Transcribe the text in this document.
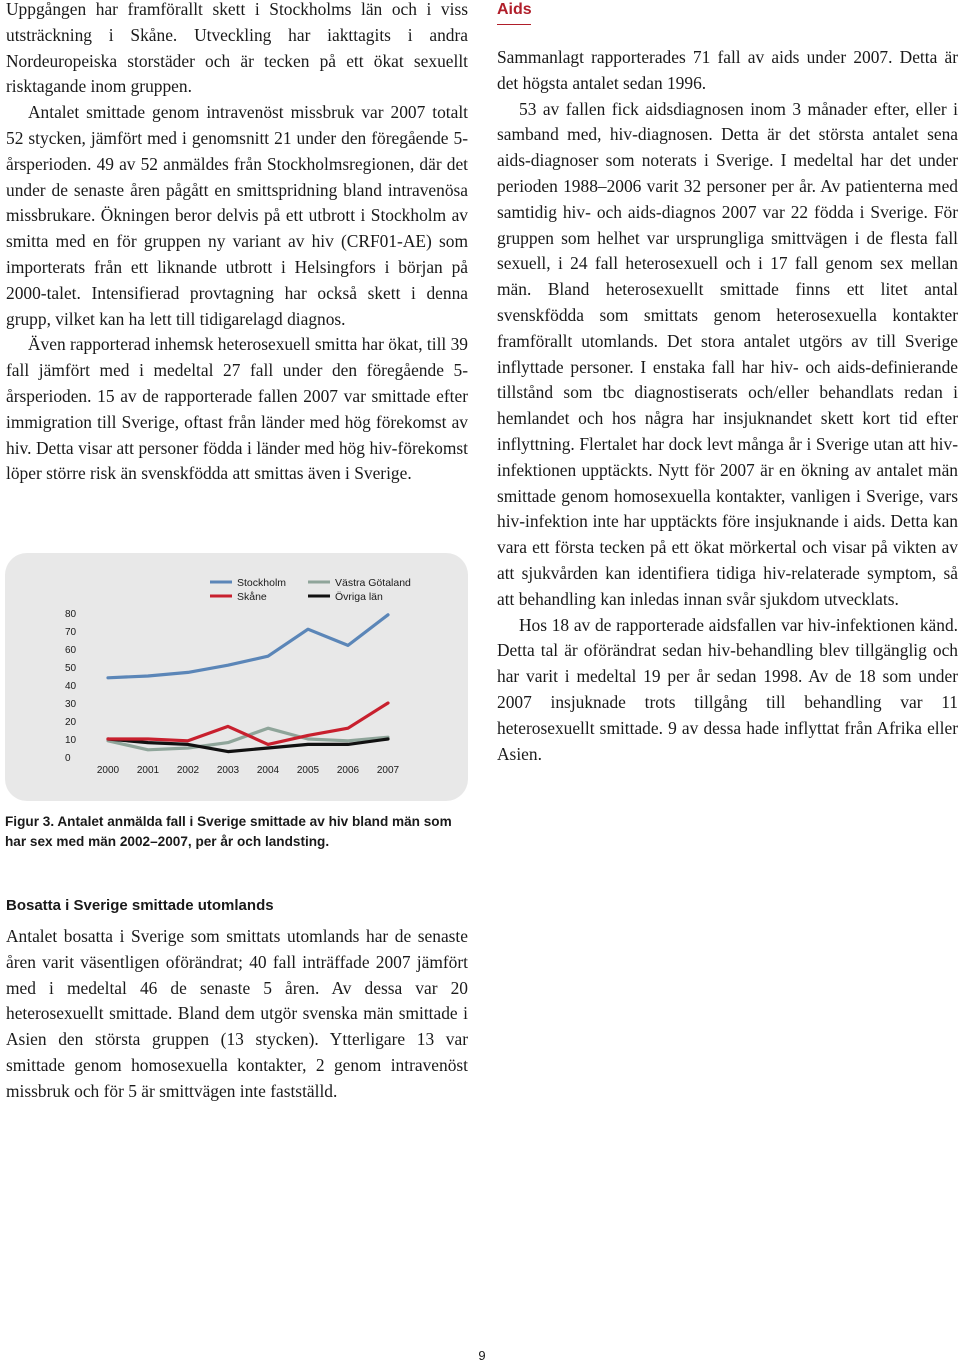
Uppgången har framförallt skett i Stockholms län och i viss utsträckning i Skåne. Utveckling har iakttagits i andra Nordeuropeiska storstäder och är tecken på ett ökat sexuellt risktagande inom gruppen.

Antalet smittade genom intravenöst missbruk var 2007 totalt 52 stycken, jämfört med i genomsnitt 21 under den föregående 5-årsperioden. 49 av 52 anmäldes från Stockholmsregionen, där det under de senaste åren pågått en smittspridning bland intravenösa missbrukare. Ökningen beror delvis på ett utbrott i Stockholm av smitta med en för gruppen ny variant av hiv (CRF01-AE) som importerats från ett liknande utbrott i Helsingfors i början på 2000-talet. Intensifierad provtagning har också skett i denna grupp, vilket kan ha lett till tidigarelagd diagnos.

Även rapporterad inhemsk heterosexuell smitta har ökat, till 39 fall jämfört med i medeltal 27 fall under den föregående 5-årsperioden. 15 av de rapporterade fallen 2007 var smittade efter immigration till Sverige, oftast från länder med hög förekomst av hiv. Detta visar att personer födda i länder med hög hiv-förekomst löper större risk än svenskfödda att smittas även i Sverige.

Stockholm
Skåne
Västra Götaland
Övriga län
0
10
20
30
40
50
60
70
80
2000 2001 2002 2003 2004 2005 2006 2007
Figur 3. Antalet anmälda fall i Sverige smittade av hiv bland män som har sex med män 2002–2007, per år och landsting.
Aids

Sammanlagt rapporterades 71 fall av aids under 2007. Detta är det högsta antalet sedan 1996.

53 av fallen fick aidsdiagnosen inom 3 månader efter, eller i samband med, hiv-diagnosen. Detta är det största antalet sena aids-diagnoser som noterats i Sverige. I medeltal har det under perioden 1988–2006 varit 32 personer per år. Av patienterna med samtidig hiv- och aids-diagnos 2007 var 22 födda i Sverige. För gruppen som helhet var ursprungliga smittvägen i de flesta fall sexuell, i 24 fall heterosexuell och i 17 fall genom sex mellan män. Bland heterosexuellt smittade finns ett litet antal svenskfödda som smittats genom heterosexuella kontakter framförallt utomlands. Det stora antalet utgörs av till Sverige inflyttade personer. I enstaka fall har hiv- och aids-definierande tillstånd som tbc diagnostiserats och/eller behandlats redan i hemlandet och hos några har insjuknandet skett kort tid efter inflyttning. Flertalet har dock levt många år i Sverige utan att hiv-infektionen upptäckts. Nytt för 2007 är en ökning av antalet män smittade genom homosexuella kontakter, vanligen i Sverige, vars hiv-infektion inte har upptäckts före insjuknande i aids. Detta kan vara ett första tecken på ett ökat mörkertal och visar på vikten av att sjukvården kan identifiera tidiga hiv-relaterade symptom, så att behandling kan inledas innan svår sjukdom utvecklats.

Hos 18 av de rapporterade aidsfallen var hiv-infektionen känd. Detta tal är oförändrat sedan hiv-behandling blev tillgänglig och har varit i medeltal 19 per år sedan 1998. Av de 18 som under 2007 insjuknade trots tillgång till behandling var 11 heterosexuellt smittade. 9 av dessa hade inflyttat från Afrika eller Asien.

Bosatta i Sverige smittade utomlands

Antalet bosatta i Sverige som smittats utomlands har de senaste åren varit väsentligen oförändrat; 40 fall inträffade 2007 jämfört med i medeltal 46 de senaste 5 åren. Av dessa var 20 heterosexuellt smittade. Bland dem utgör svenska män smittade i Asien den största gruppen (13 stycken). Ytterligare 13 var smittade genom homosexuella kontakter, 2 genom intravenöst missbruk och för 5 är smittvägen inte fastställd.

9
